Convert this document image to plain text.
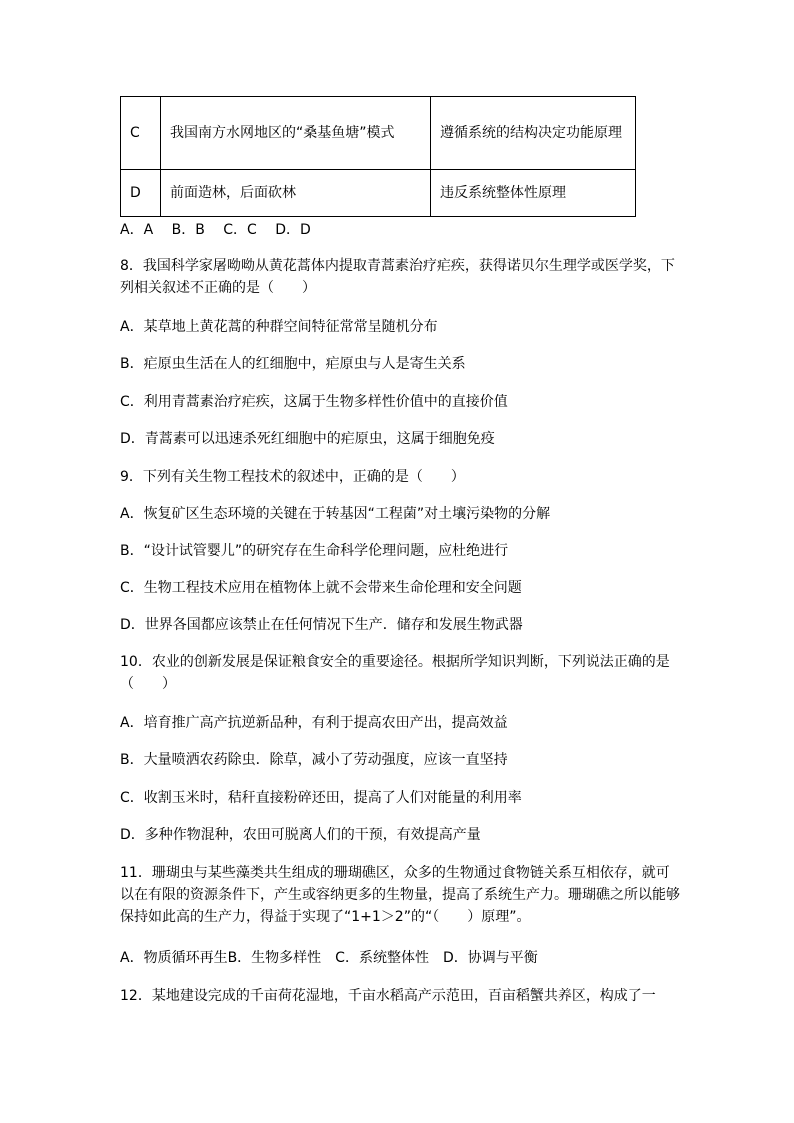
C	我国南方水网地区的“桑基鱼塘”模式	遵循系统的结构决定功能原理
D	前面造林，后面砍林	违反系统整体性原理
A．A　 B．B　 C．C　 D．D
8．我国科学家屠呦呦从黄花蒿体内提取青蒿素治疗疟疾，获得诺贝尔生理学或医学奖，下列相关叙述不正确的是（　　）
A．某草地上黄花蒿的种群空间特征常常呈随机分布
B．疟原虫生活在人的红细胞中，疟原虫与人是寄生关系
C．利用青蒿素治疗疟疾，这属于生物多样性价值中的直接价值
D．青蒿素可以迅速杀死红细胞中的疟原虫，这属于细胞免疫
9．下列有关生物工程技术的叙述中，正确的是（　　）
A．恢复矿区生态环境的关键在于转基因“工程菌”对土壤污染物的分解
B．“设计试管婴儿”的研究存在生命科学伦理问题，应杜绝进行
C．生物工程技术应用在植物体上就不会带来生命伦理和安全问题
D．世界各国都应该禁止在任何情况下生产．储存和发展生物武器
10．农业的创新发展是保证粮食安全的重要途径。根据所学知识判断，下列说法正确的是（　　）
A．培育推广高产抗逆新品种，有利于提高农田产出，提高效益
B．大量喷洒农药除虫．除草，减小了劳动强度，应该一直坚持
C．收割玉米时，秸秆直接粉碎还田，提高了人们对能量的利用率
D．多种作物混种，农田可脱离人们的干预，有效提高产量
11．珊瑚虫与某些藻类共生组成的珊瑚礁区，众多的生物通过食物链关系互相依存，就可以在有限的资源条件下，产生或容纳更多的生物量，提高了系统生产力。珊瑚礁之所以能够保持如此高的生产力，得益于实现了“1+1＞2”的“（　　）原理”。
A．物质循环再生B．生物多样性　C．系统整体性　D．协调与平衡
12．某地建设完成的千亩荷花湿地，千亩水稻高产示范田，百亩稻蟹共养区，构成了一
